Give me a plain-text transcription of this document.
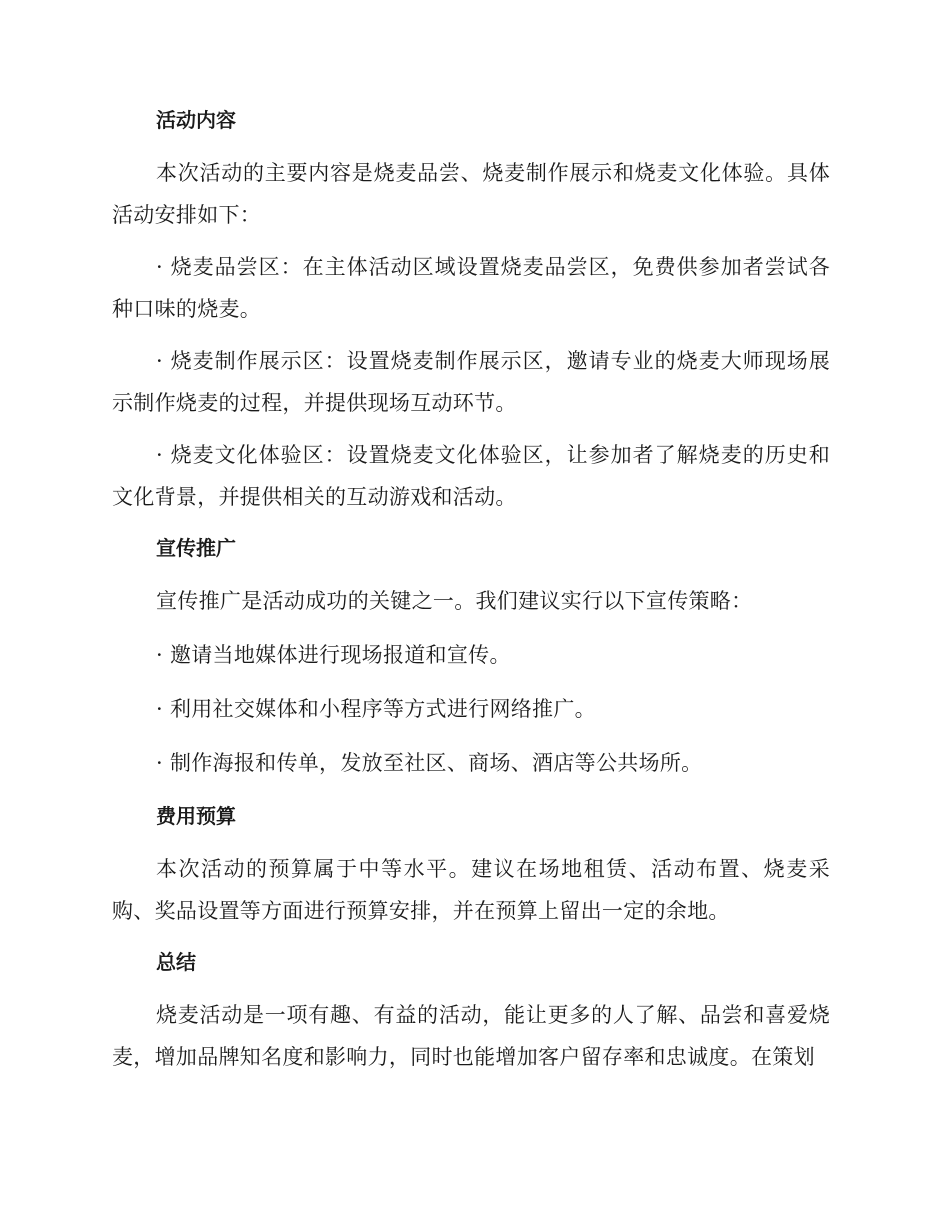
活动内容

本次活动的主要内容是烧麦品尝、烧麦制作展示和烧麦文化体验。具体活动安排如下：

· 烧麦品尝区：在主体活动区域设置烧麦品尝区，免费供参加者尝试各种口味的烧麦。

· 烧麦制作展示区：设置烧麦制作展示区，邀请专业的烧麦大师现场展示制作烧麦的过程，并提供现场互动环节。

· 烧麦文化体验区：设置烧麦文化体验区，让参加者了解烧麦的历史和文化背景，并提供相关的互动游戏和活动。

宣传推广

宣传推广是活动成功的关键之一。我们建议实行以下宣传策略：

· 邀请当地媒体进行现场报道和宣传。

· 利用社交媒体和小程序等方式进行网络推广。

· 制作海报和传单，发放至社区、商场、酒店等公共场所。

费用预算

本次活动的预算属于中等水平。建议在场地租赁、活动布置、烧麦采购、奖品设置等方面进行预算安排，并在预算上留出一定的余地。

总结

烧麦活动是一项有趣、有益的活动，能让更多的人了解、品尝和喜爱烧麦，增加品牌知名度和影响力，同时也能增加客户留存率和忠诚度。在策划
